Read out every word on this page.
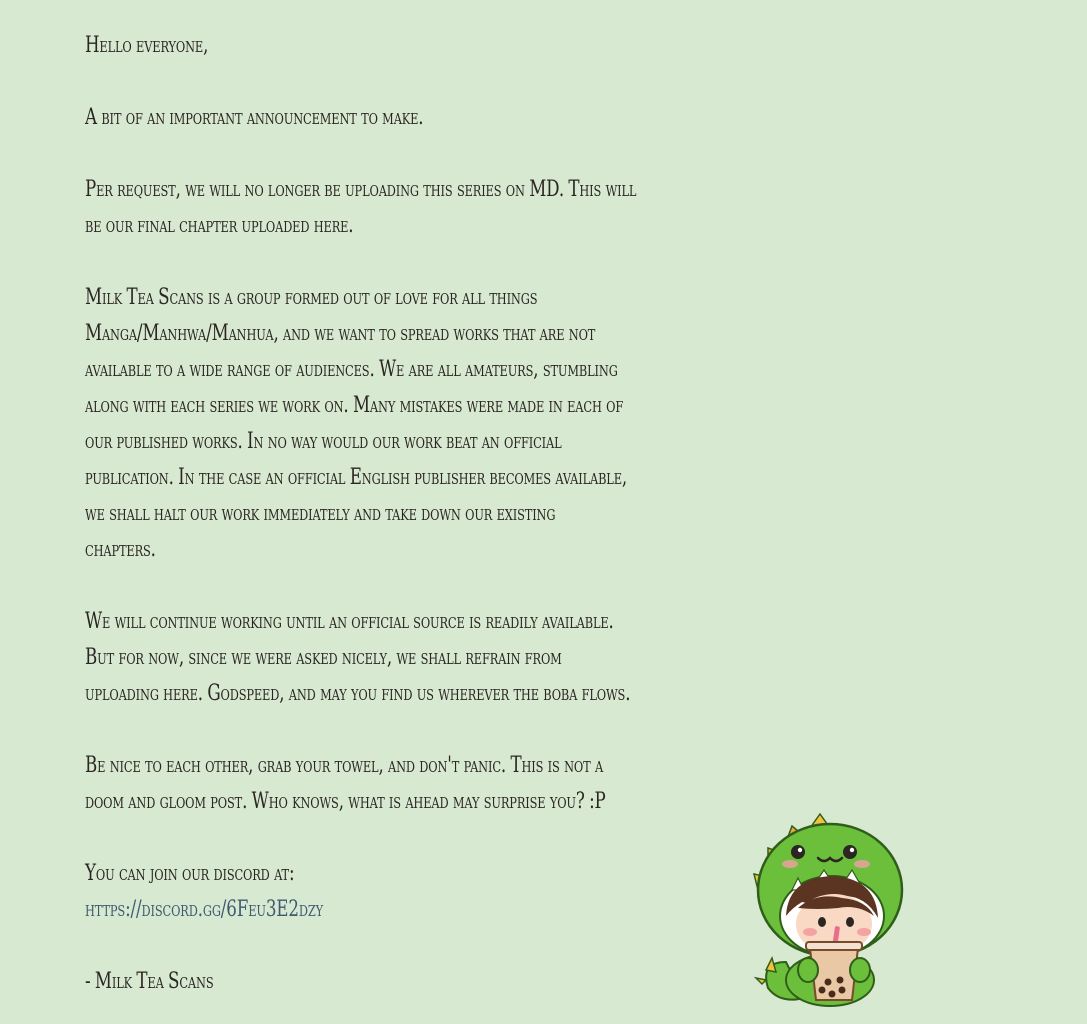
Hello everyone,

A bit of an important announcement to make.

Per request, we will no longer be uploading this series on MD. This will
be our final chapter uploaded here.

Milk Tea Scans is a group formed out of love for all things
Manga/Manhwa/Manhua, and we want to spread works that are not
available to a wide range of audiences. We are all amateurs, stumbling
along with each series we work on. Many mistakes were made in each of
our published works. In no way would our work beat an official
publication. In the case an official English publisher becomes available,
we shall halt our work immediately and take down our existing
chapters.

We will continue working until an official source is readily available.
But for now, since we were asked nicely, we shall refrain from
uploading here. Godspeed, and may you find us wherever the boba flows.

Be nice to each other, grab your towel, and don't panic. This is not a
doom and gloom post. Who knows, what is ahead may surprise you? :P

You can join our discord at:
https://discord.gg/6Feu3E2dzy

- Milk Tea Scans
